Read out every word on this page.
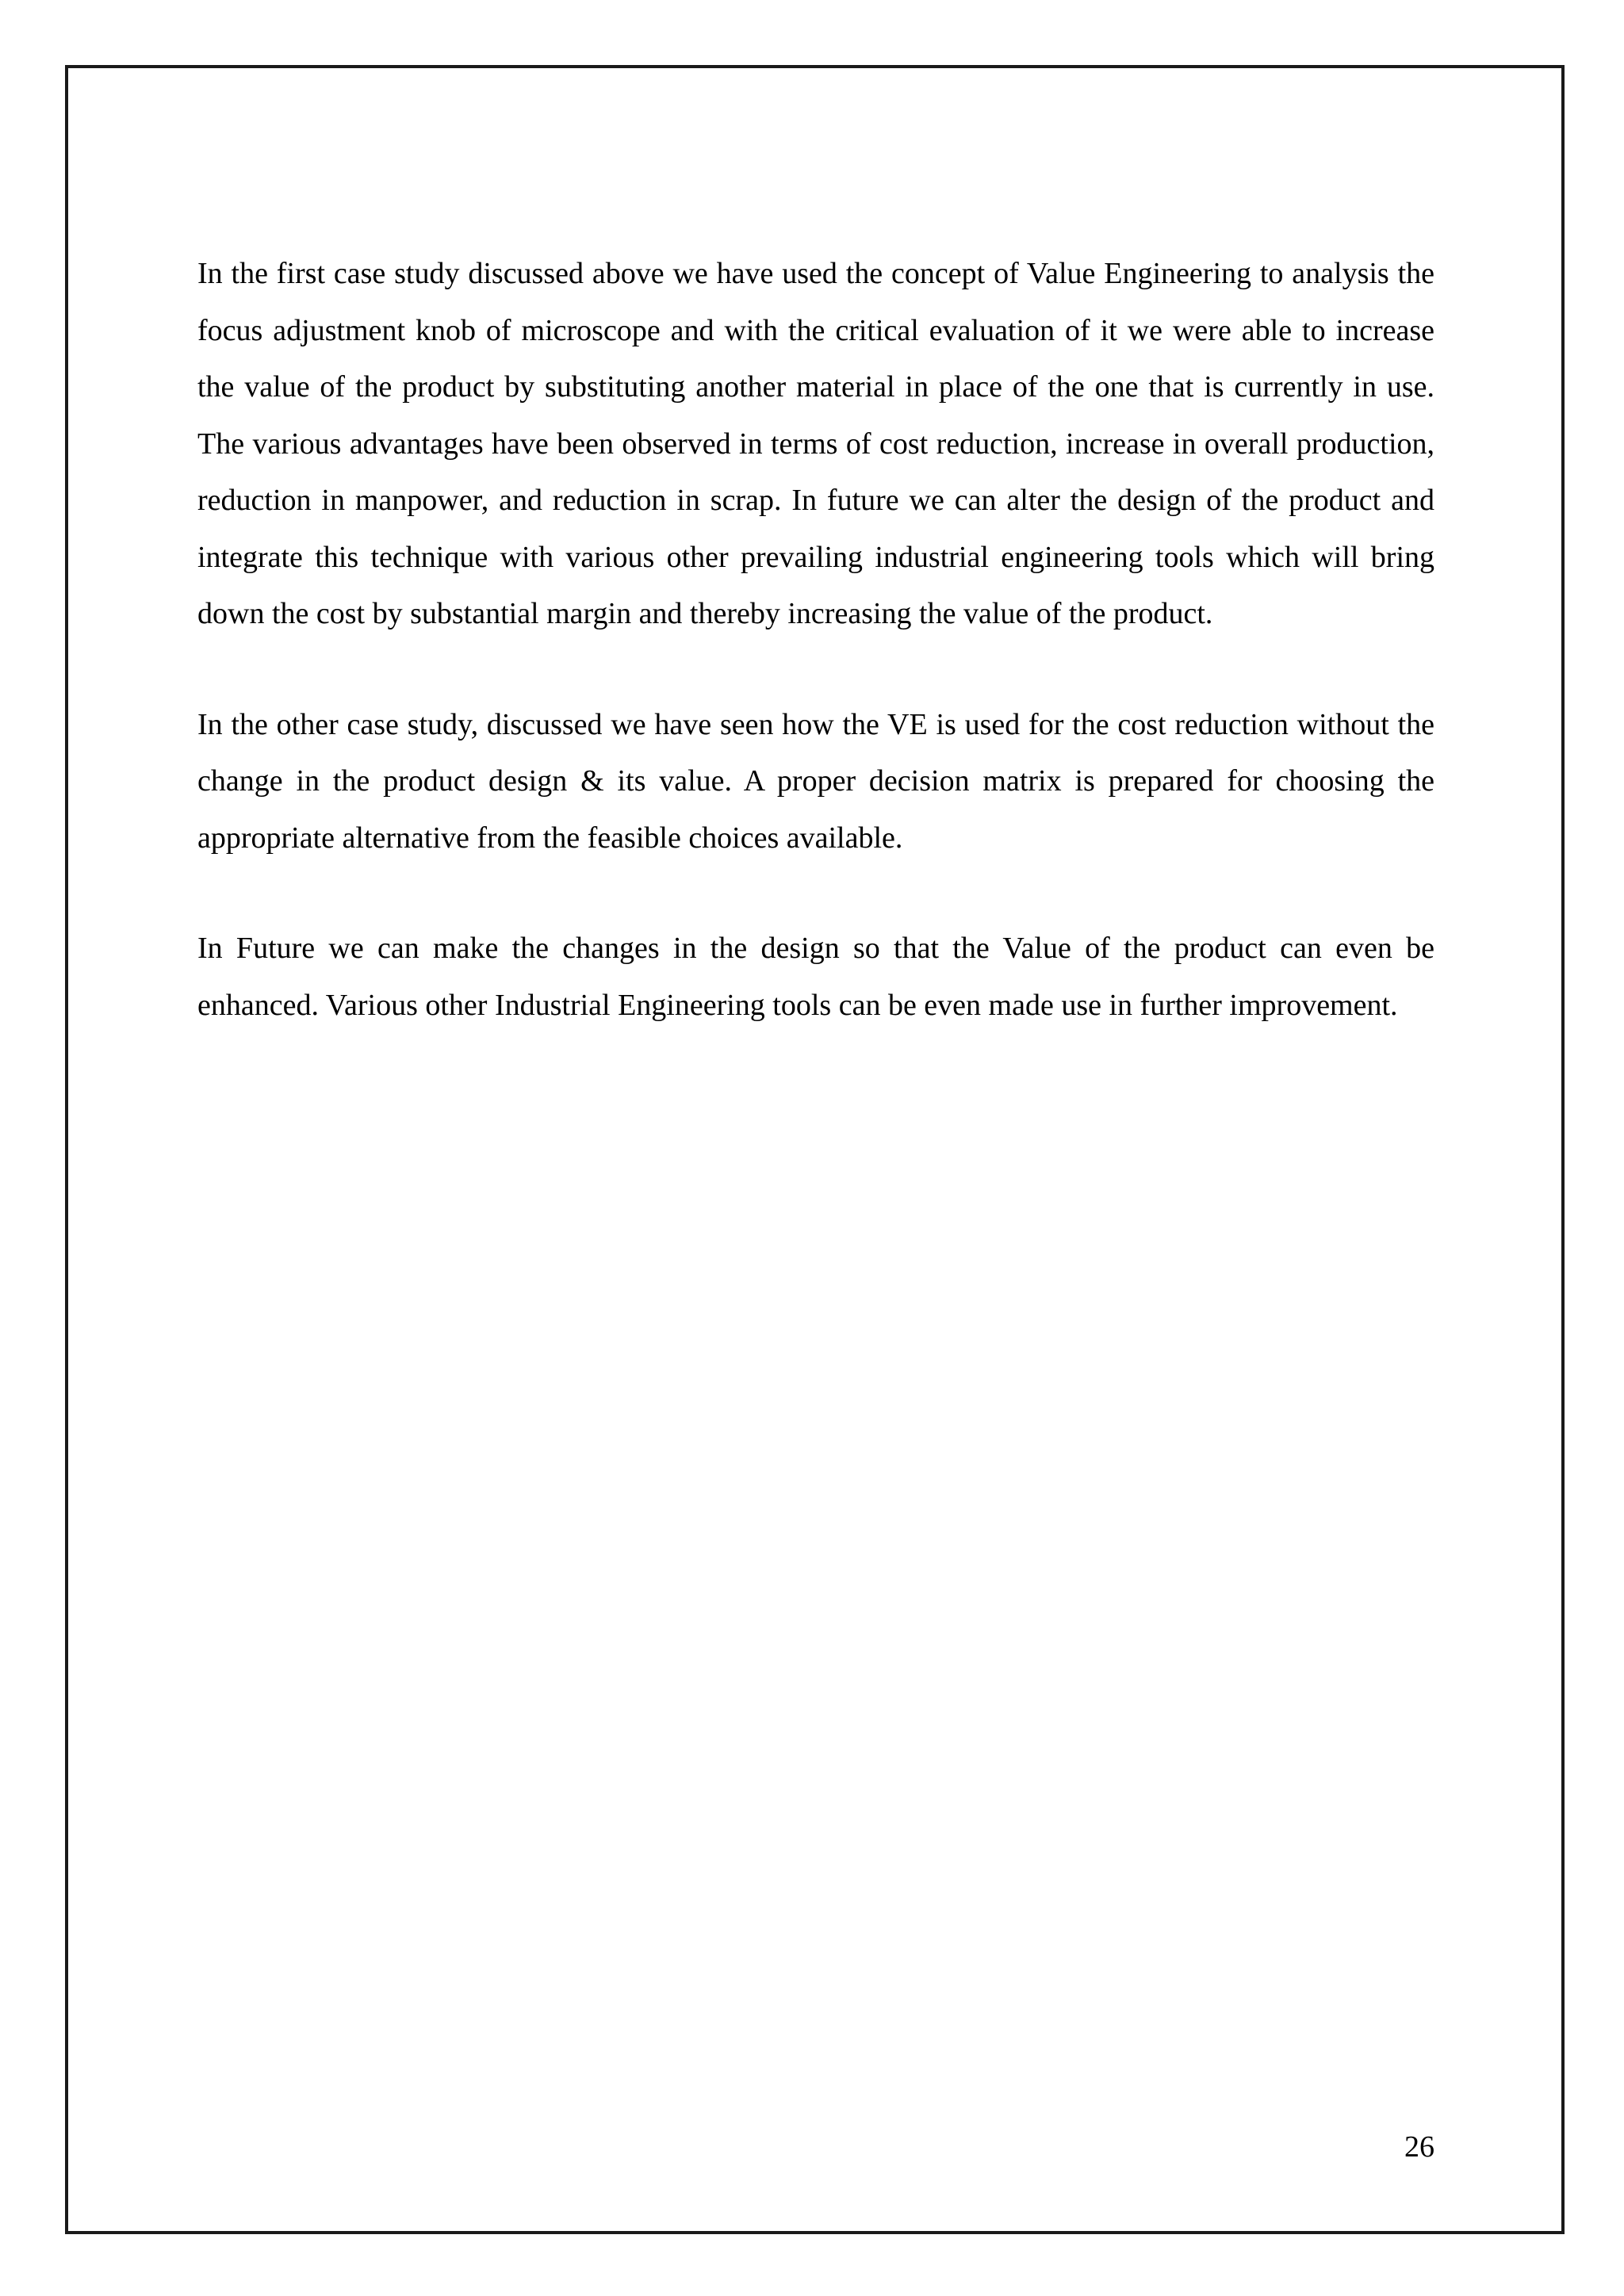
In the first case study discussed above we have used the concept of Value Engineering to analysis the focus adjustment knob of microscope and with the critical evaluation of it we were able to increase the value of the product by substituting another material in place of the one that is currently in use. The various advantages have been observed in terms of cost reduction, increase in overall production, reduction in manpower, and reduction in scrap. In future we can alter the design of the product and integrate this technique with various other prevailing industrial engineering tools which will bring down the cost by substantial margin and thereby increasing the value of the product.

In the other case study, discussed we have seen how the VE is used for the cost reduction without the change in the product design & its value. A proper decision matrix is prepared for choosing the appropriate alternative from the feasible choices available.

In Future we can make the changes in the design so that the Value of the product can even be enhanced. Various other Industrial Engineering tools can be even made use in further improvement.

26
